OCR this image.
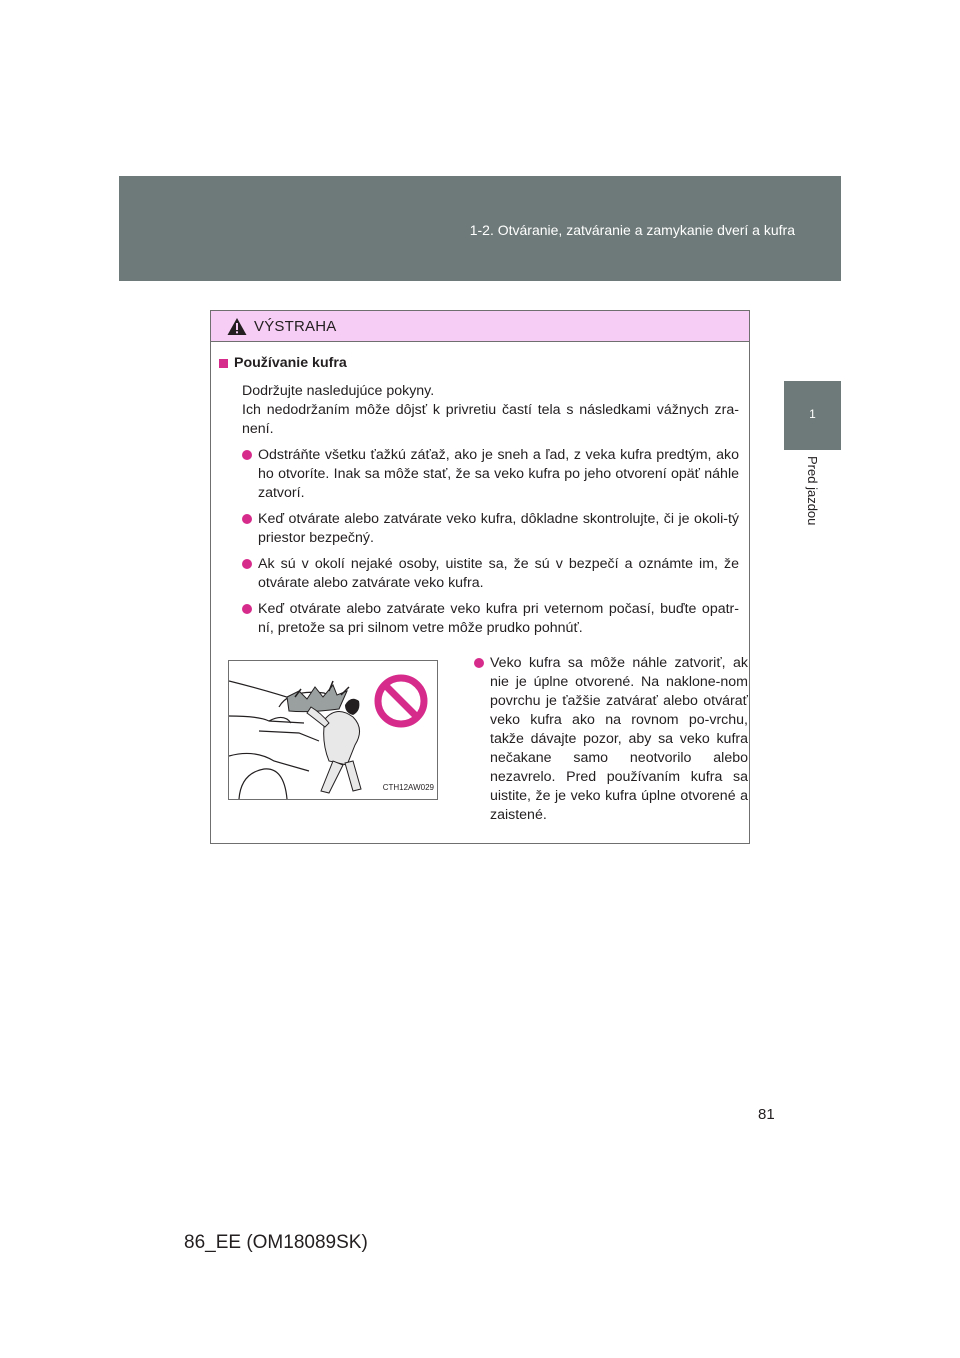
1-2. Otváranie, zatváranie a zamykanie dverí a kufra
1
Pred jazdou
VÝSTRAHA
Používanie kufra

Dodržujte nasledujúce pokyny.

Ich nedodržaním môže dôjsť k privretiu častí tela s následkami vážnych zra-není.

Odstráňte všetku ťažkú záťaž, ako je sneh a ľad, z veka kufra predtým, ako ho otvoríte. Inak sa môže stať, že sa veko kufra po jeho otvorení opäť náhle zatvorí.
Keď otvárate alebo zatvárate veko kufra, dôkladne skontrolujte, či je okoli-tý priestor bezpečný.
Ak sú v okolí nejaké osoby, uistite sa, že sú v bezpečí a oznámte im, že otvárate alebo zatvárate veko kufra.
Keď otvárate alebo zatvárate veko kufra pri veternom počasí, buďte opatr-ní, pretože sa pri silnom vetre môže prudko pohnúť.
CTH12AW029
Veko kufra sa môže náhle zatvoriť, ak nie je úplne otvorené. Na naklone-nom povrchu je ťažšie zatvárať alebo otvárať veko kufra ako na rovnom po-vrchu, takže dávajte pozor, aby sa veko kufra nečakane samo neotvorilo alebo nezavrelo. Pred používaním kufra sa uistite, že je veko kufra úplne otvorené a zaistené.
81
86_EE (OM18089SK)
